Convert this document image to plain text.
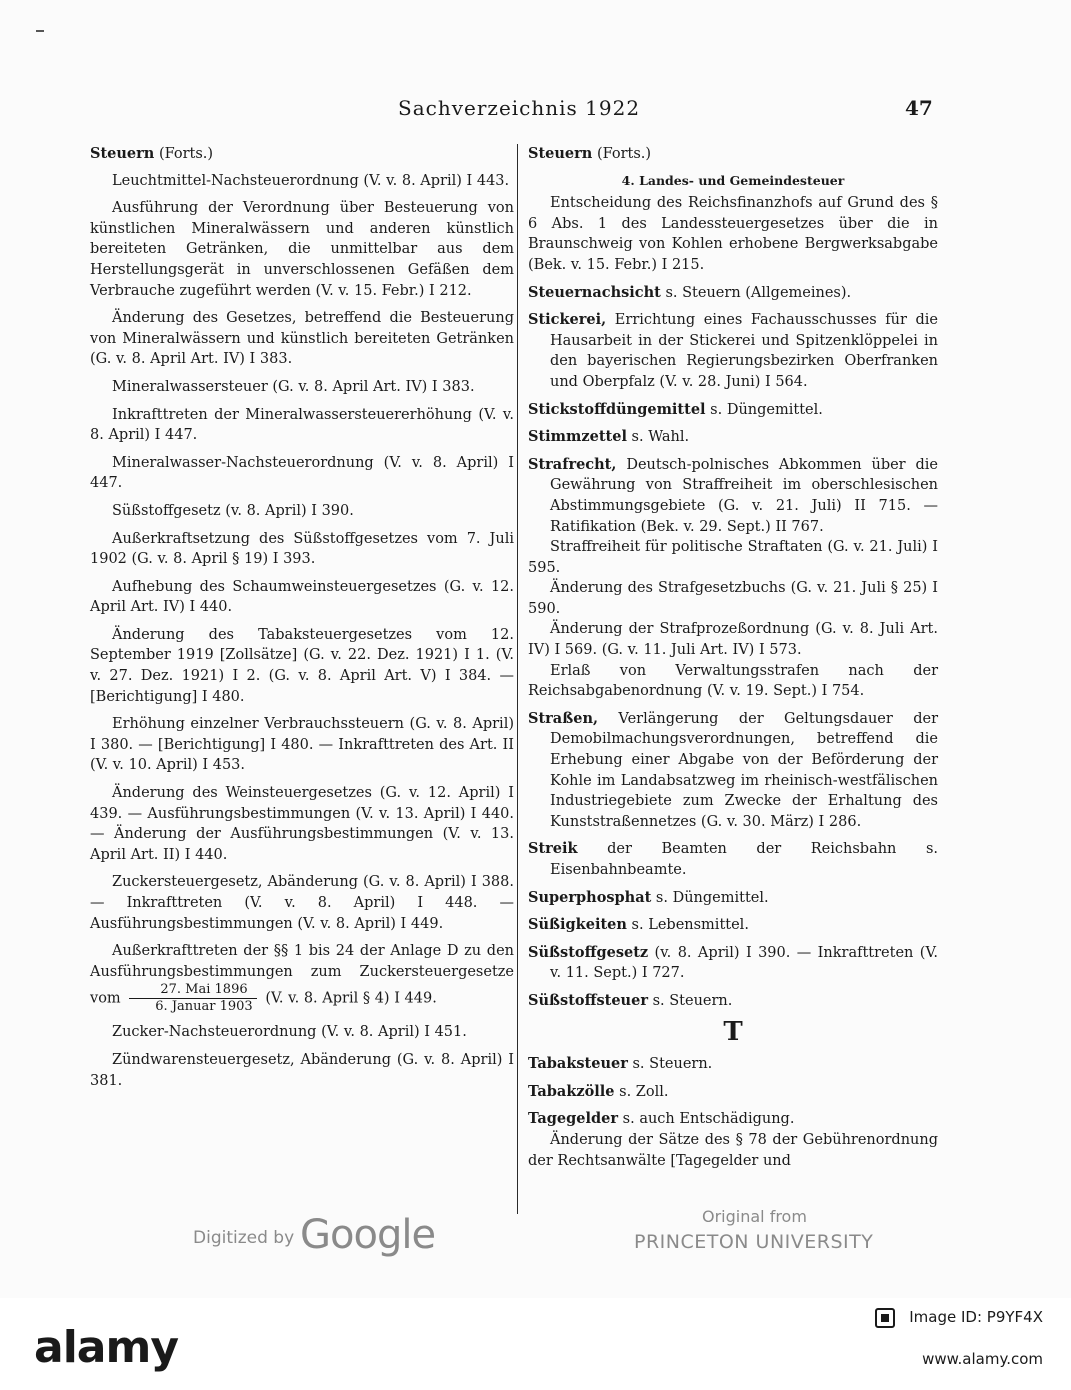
Sachverzeichnis 1922	47
Steuern (Forts.)
Leuchtmittel-Nachsteuerordnung (V. v. 8. April) I 443.
Ausführung der Verordnung über Besteuerung von künstlichen Mineralwässern und anderen künstlich bereiteten Getränken, die unmittelbar aus dem Herstellungsgerät in unverschlossenen Gefäßen dem Verbrauche zugeführt werden (V. v. 15. Febr.) I 212.
Änderung des Gesetzes, betreffend die Besteuerung von Mineralwässern und künstlich bereiteten Getränken (G. v. 8. April Art. IV) I 383.
Mineralwassersteuer (G. v. 8. April Art. IV) I 383.
Inkrafttreten der Mineralwassersteuererhöhung (V. v. 8. April) I 447.
Mineralwasser-Nachsteuerordnung (V. v. 8. April) I 447.
Süßstoffgesetz (v. 8. April) I 390.
Außerkraftsetzung des Süßstoffgesetzes vom 7. Juli 1902 (G. v. 8. April § 19) I 393.
Aufhebung des Schaumweinsteuergesetzes (G. v. 12. April Art. IV) I 440.
Änderung des Tabaksteuergesetzes vom 12. September 1919 [Zollsätze] (G. v. 22. Dez. 1921) I 1. (V. v. 27. Dez. 1921) I 2. (G. v. 8. April Art. V) I 384. — [Berichtigung] I 480.
Erhöhung einzelner Verbrauchssteuern (G. v. 8. April) I 380. — [Berichtigung] I 480. — Inkrafttreten des Art. II (V. v. 10. April) I 453.
Änderung des Weinsteuergesetzes (G. v. 12. April) I 439. — Ausführungsbestimmungen (V. v. 13. April) I 440. — Änderung der Ausführungsbestimmungen (V. v. 13. April Art. II) I 440.
Zuckersteuergesetz, Abänderung (G. v. 8. April) I 388. — Inkrafttreten (V. v. 8. April) I 448. — Ausführungsbestimmungen (V. v. 8. April) I 449.
Außerkrafttreten der §§ 1 bis 24 der Anlage D zu den Ausführungsbestimmungen zum Zuckersteuergesetze vom $\frac{\text{27. Mai 1896}}{\text{6. Januar 1903}} (V$. v. 8. April § 4) I 449.
Zucker-Nachsteuerordnung (V. v. 8. April) I 451.
Zündwarensteuergesetz, Abänderung (G. v. 8. April) I 381.
Steuern (Forts.)
4. Landes- und Gemeindesteuer
Entscheidung des Reichsfinanzhofs auf Grund des § 6 Abs. 1 des Landessteuergesetzes über die in Braunschweig von Kohlen erhobene Bergwerksabgabe (Bek. v. 15. Febr.) I 215.
Steuernachsicht s. Steuern (Allgemeines).
Stickerei, Errichtung eines Fachausschusses für die Hausarbeit in der Stickerei und Spitzenklöppelei in den bayerischen Regierungsbezirken Oberfranken und Oberpfalz (V. v. 28. Juni) I 564.
Stickstoffdüngemittel s. Düngemittel.
Stimmzettel s. Wahl.
Strafrecht, Deutsch-polnisches Abkommen über die Gewährung von Straffreiheit im oberschlesischen Abstimmungsgebiete (G. v. 21. Juli) II 715. — Ratifikation (Bek. v. 29. Sept.) II 767.
Straffreiheit für politische Straftaten (G. v. 21. Juli) I 595.
Änderung des Strafgesetzbuchs (G. v. 21. Juli § 25) I 590.
Änderung der Strafprozeßordnung (G. v. 8. Juli Art. IV) I 569. (G. v. 11. Juli Art. IV) I 573.
Erlaß von Verwaltungsstrafen nach der Reichsabgabenordnung (V. v. 19. Sept.) I 754.
Straßen, Verlängerung der Geltungsdauer der Demobilmachungsverordnungen, betreffend die Erhebung einer Abgabe von der Beförderung der Kohle im Landabsatzweg im rheinisch-westfälischen Industriegebiete zum Zwecke der Erhaltung des Kunststraßennetzes (G. v. 30. März) I 286.
Streik der Beamten der Reichsbahn s. Eisenbahnbeamte.
Superphosphat s. Düngemittel.
Süßigkeiten s. Lebensmittel.
Süßstoffgesetz (v. 8. April) I 390. — Inkrafttreten (V. v. 11. Sept.) I 727.
Süßstoffsteuer s. Steuern.
T
Tabaksteuer s. Steuern.
Tabakzölle s. Zoll.
Tagegelder s. auch Entschädigung.
Änderung der Sätze des § 78 der Gebührenordnung der Rechtsanwälte [Tagegelder und
Digitized by Google	Original from
PRINCETON UNIVERSITY
alamy
Image ID: P9YF4X
www.alamy.com
